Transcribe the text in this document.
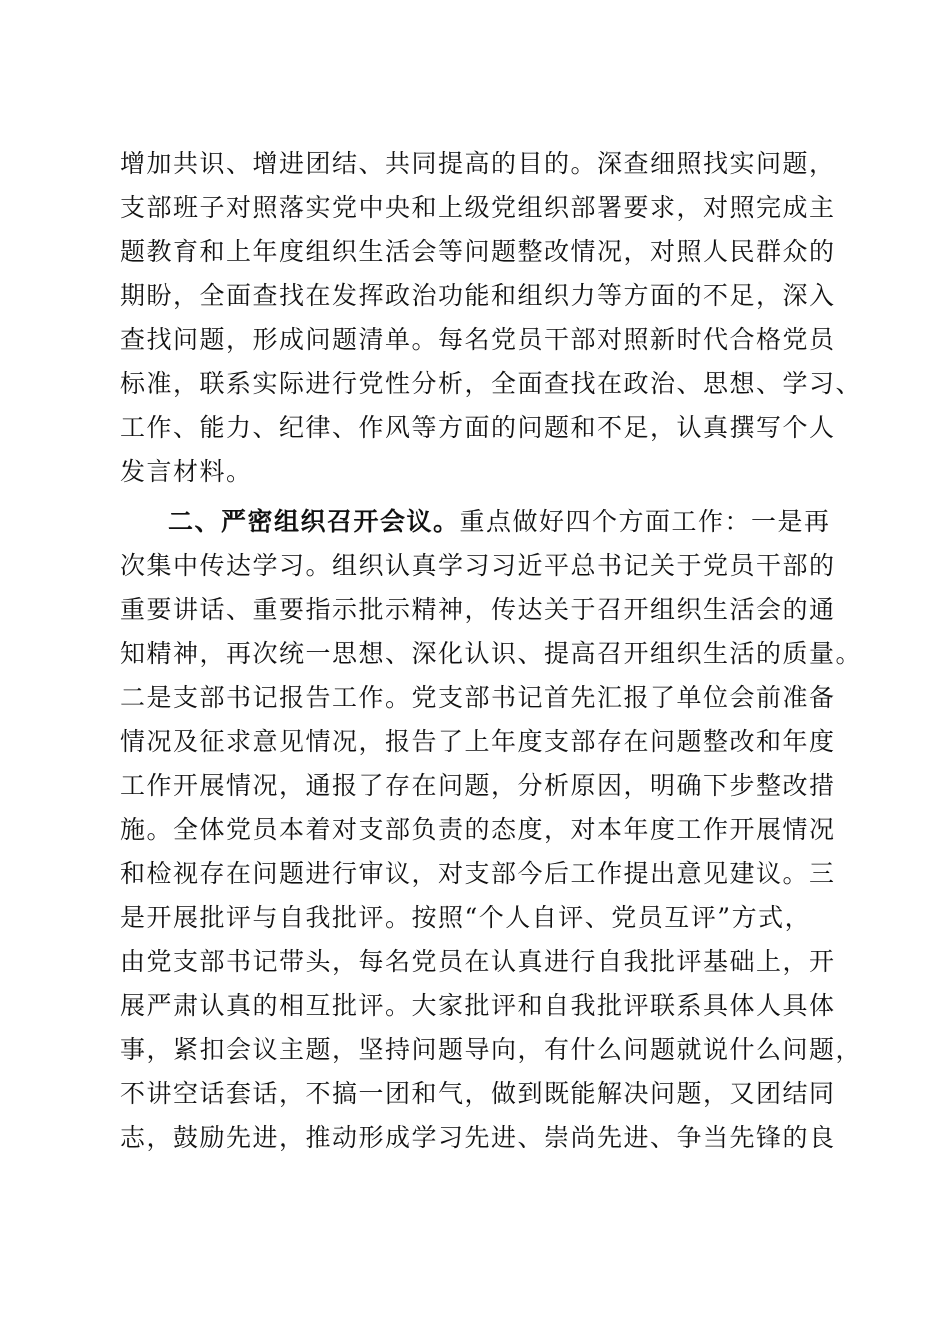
增加共识、增进团结、共同提高的目的。深查细照找实问题，
支部班子对照落实党中央和上级党组织部署要求，对照完成主
题教育和上年度组织生活会等问题整改情况，对照人民群众的
期盼，全面查找在发挥政治功能和组织力等方面的不足，深入
查找问题，形成问题清单。每名党员干部对照新时代合格党员
标准，联系实际进行党性分析，全面查找在政治、思想、学习、
工作、能力、纪律、作风等方面的问题和不足，认真撰写个人
发言材料。
二、严密组织召开会议。重点做好四个方面工作：一是再
次集中传达学习。组织认真学习习近平总书记关于党员干部的
重要讲话、重要指示批示精神，传达关于召开组织生活会的通
知精神，再次统一思想、深化认识、提高召开组织生活的质量。
二是支部书记报告工作。党支部书记首先汇报了单位会前准备
情况及征求意见情况，报告了上年度支部存在问题整改和年度
工作开展情况，通报了存在问题，分析原因，明确下步整改措
施。全体党员本着对支部负责的态度，对本年度工作开展情况
和检视存在问题进行审议，对支部今后工作提出意见建议。三
是开展批评与自我批评。按照“个人自评、党员互评”方式，
由党支部书记带头，每名党员在认真进行自我批评基础上，开
展严肃认真的相互批评。大家批评和自我批评联系具体人具体
事，紧扣会议主题，坚持问题导向，有什么问题就说什么问题，
不讲空话套话，不搞一团和气，做到既能解决问题，又团结同
志，鼓励先进，推动形成学习先进、崇尚先进、争当先锋的良
